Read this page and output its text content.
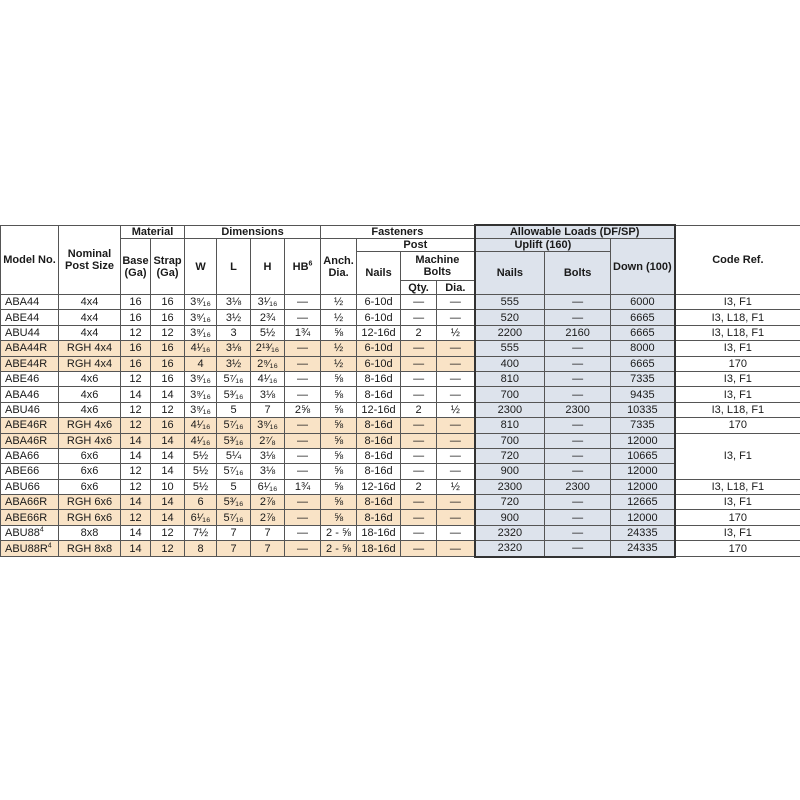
Model No.	Nominal Post Size	Material		Dimensions				Fasteners				Allowable Loads (DF/SP)			Code Ref.
		Base (Ga)	Strap (Ga)	W	L	H	$HB^6$	Anch. Dia.	Post			Uplift (160)		Down (100)	
									Nails	Machine Bolts		Nails	Bolts		
										Qty.	Dia.				
ABA44	4x4	16	16	3⁹⁄₁₆	3⅛	3¹⁄₁₆	—	½	6-10d	—	—	555	—	6000	I3, F1
ABE44	4x4	16	16	3⁹⁄₁₆	3½	2¾	—	½	6-10d	—	—	520	—	6665	I3, L18, F1
ABU44	4x4	12	12	3⁹⁄₁₆	3	5½	1¾	⅝	12-16d	2	½	2200	2160	6665	I3, L18, F1
ABA44R	RGH 4x4	16	16	4¹⁄₁₆	3⅛	2¹³⁄₁₆	—	½	6-10d	—	—	555	—	8000	I3, F1
ABE44R	RGH 4x4	16	16	4	3½	2⁹⁄₁₆	—	½	6-10d	—	—	400	—	6665	170
ABE46	4x6	12	16	3⁹⁄₁₆	5⁷⁄₁₆	4¹⁄₁₆	—	⅝	8-16d	—	—	810	—	7335	I3, F1
ABA46	4x6	14	14	3⁹⁄₁₆	5³⁄₁₆	3⅛	—	⅝	8-16d	—	—	700	—	9435	I3, F1
ABU46	4x6	12	12	3⁹⁄₁₆	5	7	2⅝	⅝	12-16d	2	½	2300	2300	10335	I3, L18, F1
ABE46R	RGH 4x6	12	16	4¹⁄₁₆	5⁷⁄₁₆	3⁹⁄₁₆	—	⅝	8-16d	—	—	810	—	7335	170
ABA46R	RGH 4x6	14	14	4¹⁄₁₆	5³⁄₁₆	2⁷⁄₈	—	⅝	8-16d	—	—	700	—	12000	I3, F1
ABA66	6x6	14	14	5½	5¼	3⅛	—	⅝	8-16d	—	—	720	—	10665	
ABE66	6x6	12	14	5½	5⁷⁄₁₆	3⅛	—	⅝	8-16d	—	—	900	—	12000	
ABU66	6x6	12	10	5½	5	6¹⁄₁₆	1¾	⅝	12-16d	2	½	2300	2300	12000	I3, L18, F1
ABA66R	RGH 6x6	14	14	6	5³⁄₁₆	2⅞	—	⅝	8-16d	—	—	720	—	12665	I3, F1
ABE66R	RGH 6x6	12	14	6¹⁄₁₆	5⁷⁄₁₆	2⅞	—	⅝	8-16d	—	—	900	—	12000	170
$ABU88^4$	8x8	14	12	7½	7	7	—	2 - ⅝	18-16d	—	—	2320	—	24335	I3, F1
$ABU88R^4$	RGH 8x8	14	12	8	7	7	—	2 - ⅝	18-16d	—	—	2320	—	24335	170
